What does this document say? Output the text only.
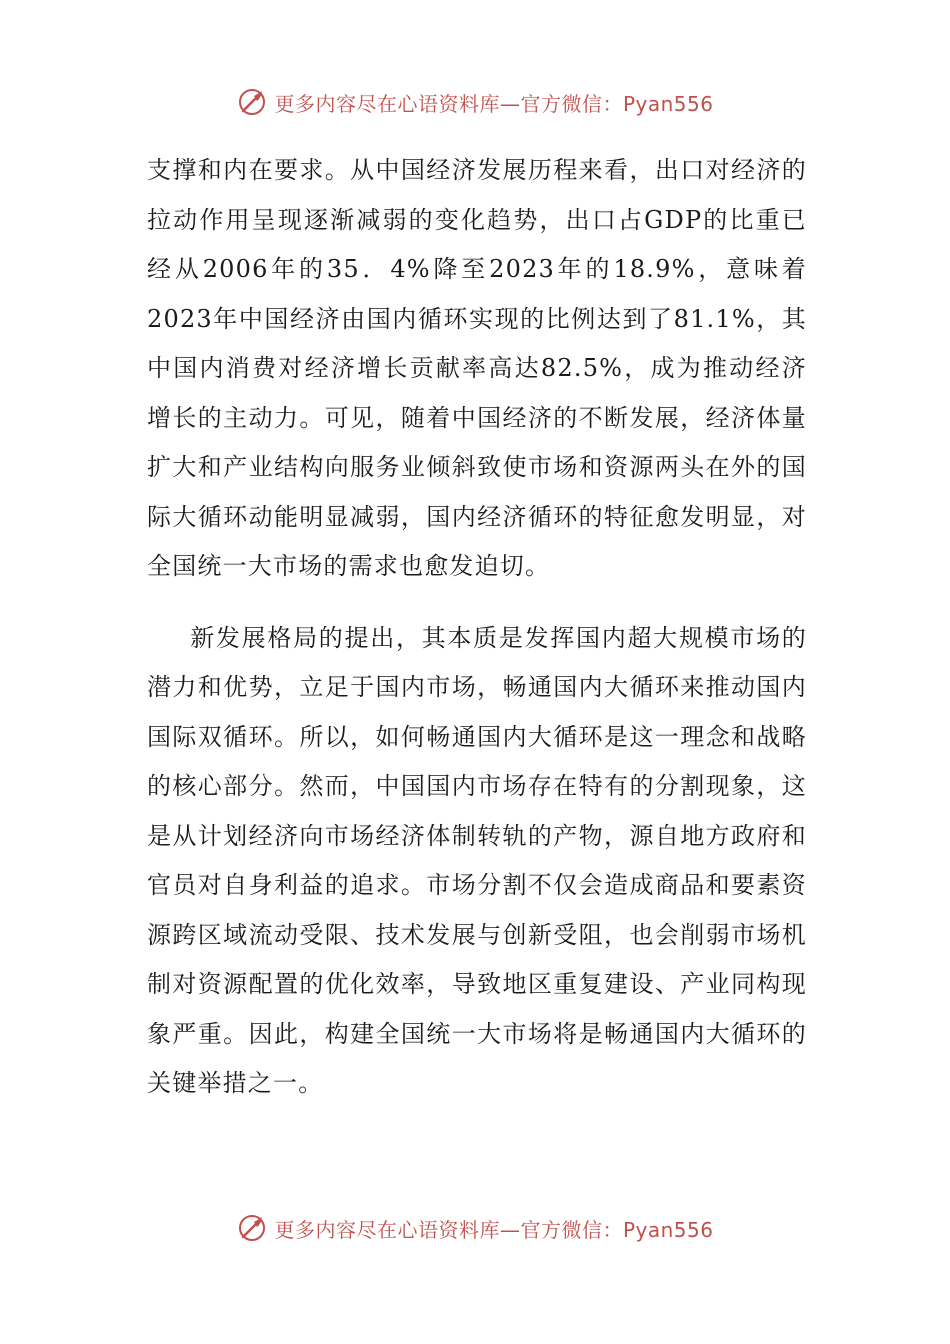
更多内容尽在心语资料库—官方微信：Pyan556

支撑和内在要求。从中国经济发展历程来看，出口对经济的拉动作用呈现逐渐减弱的变化趋势，出口占GDP的比重已经从2006年的35．4%降至2023年的18.9%，意味着2023年中国经济由国内循环实现的比例达到了81.1%，其中国内消费对经济增长贡献率高达82.5%，成为推动经济增长的主动力。可见，随着中国经济的不断发展，经济体量扩大和产业结构向服务业倾斜致使市场和资源两头在外的国际大循环动能明显减弱，国内经济循环的特征愈发明显，对全国统一大市场的需求也愈发迫切。

新发展格局的提出，其本质是发挥国内超大规模市场的潜力和优势，立足于国内市场，畅通国内大循环来推动国内国际双循环。所以，如何畅通国内大循环是这一理念和战略的核心部分。然而，中国国内市场存在特有的分割现象，这是从计划经济向市场经济体制转轨的产物，源自地方政府和官员对自身利益的追求。市场分割不仅会造成商品和要素资源跨区域流动受限、技术发展与创新受阻，也会削弱市场机制对资源配置的优化效率，导致地区重复建设、产业同构现象严重。因此，构建全国统一大市场将是畅通国内大循环的关键举措之一。

更多内容尽在心语资料库—官方微信：Pyan556
